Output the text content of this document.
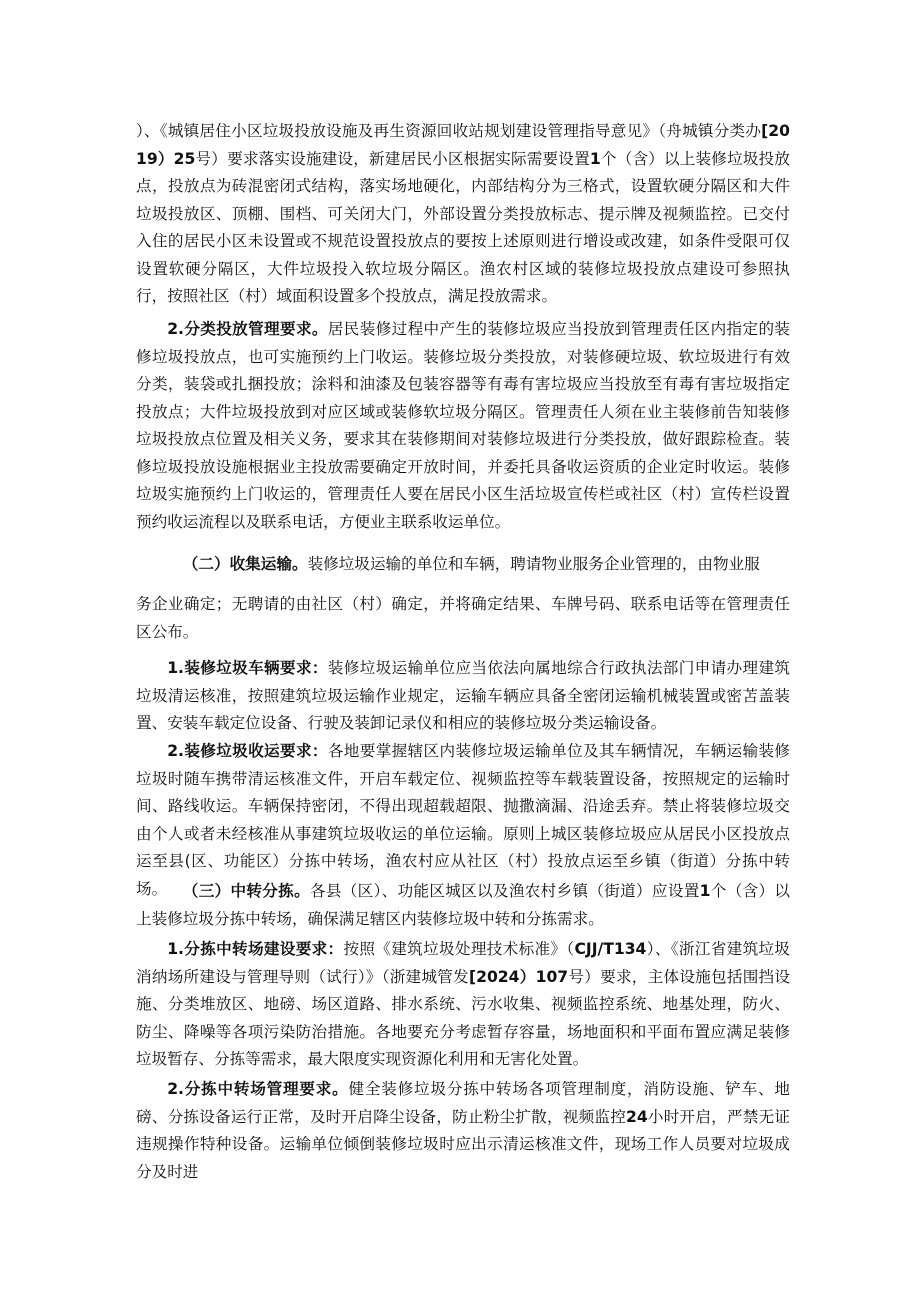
）、《城镇居住小区垃圾投放设施及再生资源回收站规划建设管理指导意见》（舟城镇分类办[2019）25号）要求落实设施建设，新建居民小区根据实际需要设置1个（含）以上装修垃圾投放点，投放点为砖混密闭式结构，落实场地硬化，内部结构分为三格式，设置软硬分隔区和大件垃圾投放区、顶棚、围档、可关闭大门，外部设置分类投放标志、提示牌及视频监控。已交付入住的居民小区未设置或不规范设置投放点的要按上述原则进行增设或改建，如条件受限可仅设置软硬分隔区，大件垃圾投入软垃圾分隔区。渔农村区域的装修垃圾投放点建设可参照执行，按照社区（村）域面积设置多个投放点，满足投放需求。

2.分类投放管理要求。居民装修过程中产生的装修垃圾应当投放到管理责任区内指定的装修垃圾投放点，也可实施预约上门收运。装修垃圾分类投放，对装修硬垃圾、软垃圾进行有效分类，装袋或扎捆投放；涂料和油漆及包装容器等有毒有害垃圾应当投放至有毒有害垃圾指定投放点；大件垃圾投放到对应区域或装修软垃圾分隔区。管理责任人须在业主装修前告知装修垃圾投放点位置及相关义务，要求其在装修期间对装修垃圾进行分类投放，做好跟踪检查。装修垃圾投放设施根据业主投放需要确定开放时间，并委托具备收运资质的企业定时收运。装修垃圾实施预约上门收运的，管理责任人要在居民小区生活垃圾宣传栏或社区（村）宣传栏设置预约收运流程以及联系电话，方便业主联系收运单位。

（二）收集运输。装修垃圾运输的单位和车辆，聘请物业服务企业管理的，由物业服

务企业确定；无聘请的由社区（村）确定，并将确定结果、车牌号码、联系电话等在管理责任区公布。

1.装修垃圾车辆要求：装修垃圾运输单位应当依法向属地综合行政执法部门申请办理建筑垃圾清运核准，按照建筑垃圾运输作业规定，运输车辆应具备全密闭运输机械装置或密苫盖装置、安装车载定位设备、行驶及装卸记录仪和相应的装修垃圾分类运输设备。

2.装修垃圾收运要求：各地要掌握辖区内装修垃圾运输单位及其车辆情况，车辆运输装修垃圾时随车携带清运核准文件，开启车载定位、视频监控等车载装置设备，按照规定的运输时间、路线收运。车辆保持密闭，不得出现超载超限、抛撒滴漏、沿途丢弃。禁止将装修垃圾交由个人或者未经核准从事建筑垃圾收运的单位运输。原则上城区装修垃圾应从居民小区投放点运至县(区、功能区）分拣中转场，渔农村应从社区（村）投放点运至乡镇（街道）分拣中转场。 （三）中转分拣。各县（区）、功能区城区以及渔农村乡镇（街道）应设置1个（含）以上装修垃圾分拣中转场，确保满足辖区内装修垃圾中转和分拣需求。

1.分拣中转场建设要求：按照《建筑垃圾处理技术标准》（CJJ/T134）、《浙江省建筑垃圾消纳场所建设与管理导则（试行）》（浙建城管发[2024）107号）要求，主体设施包括围挡设施、分类堆放区、地磅、场区道路、排水系统、污水收集、视频监控系统、地基处理，防火、防尘、降噪等各项污染防治措施。各地要充分考虑暂存容量，场地面积和平面布置应满足装修垃圾暂存、分拣等需求，最大限度实现资源化利用和无害化处置。

2.分拣中转场管理要求。健全装修垃圾分拣中转场各项管理制度，消防设施、铲车、地磅、分拣设备运行正常，及时开启降尘设备，防止粉尘扩散，视频监控24小时开启，严禁无证违规操作特种设备。运输单位倾倒装修垃圾时应出示清运核准文件，现场工作人员要对垃圾成分及时进
